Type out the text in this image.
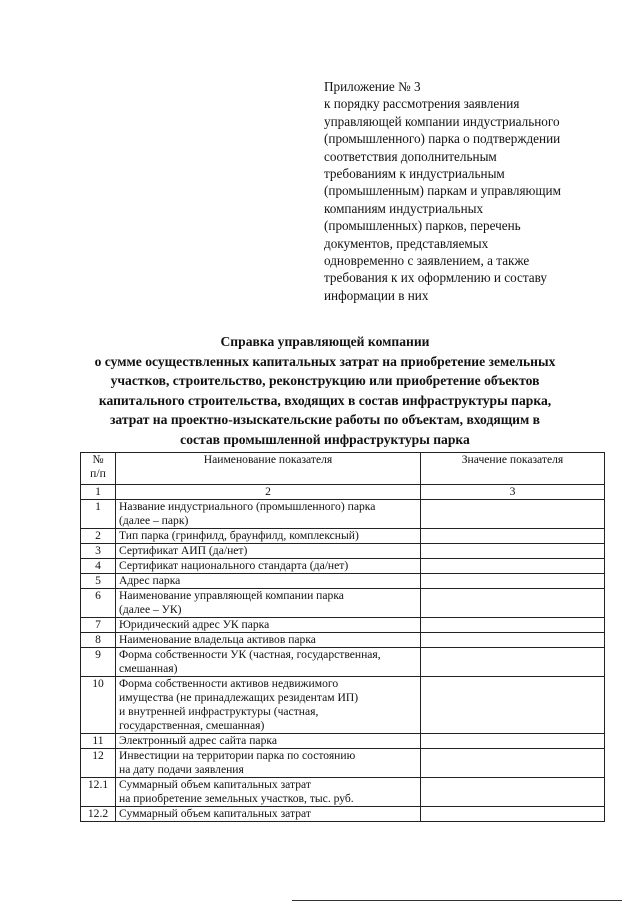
Приложение № 3
к порядку рассмотрения заявления
управляющей компании индустриального
(промышленного) парка о подтверждении
соответствия дополнительным
требованиям к индустриальным
(промышленным) паркам и управляющим
компаниям индустриальных
(промышленных) парков, перечень
документов, представляемых
одновременно с заявлением, а также
требования к их оформлению и составу
информации в них
Справка управляющей компании
о сумме осуществленных капитальных затрат на приобретение земельных
участков, строительство, реконструкцию или приобретение объектов
капитального строительства, входящих в состав инфраструктуры парка,
затрат на проектно-изыскательские работы по объектам, входящим в
состав промышленной инфраструктуры парка
№
п/п	Наименование показателя	Значение показателя
1	2	3
1	Название индустриального (промышленного) парка
(далее – парк)	

2	Тип парка (гринфилд, браунфилд, комплексный)	

3	Сертификат АИП (да/нет)	

4	Сертификат национального стандарта (да/нет)	

5	Адрес парка	

6	Наименование управляющей компании парка
(далее – УК)	

7	Юридический адрес УК парка	

8	Наименование владельца активов парка	

9	Форма собственности УК (частная, государственная,
смешанная)	

10	Форма собственности активов недвижимого
имущества (не принадлежащих резидентам ИП)
и внутренней инфраструктуры (частная,
государственная, смешанная)	

11	Электронный адрес сайта парка	

12	Инвестиции на территории парка по состоянию
на дату подачи заявления	

12.1	Суммарный объем капитальных затрат
на приобретение земельных участков, тыс. руб.	

12.2	Суммарный объем капитальных затрат	
